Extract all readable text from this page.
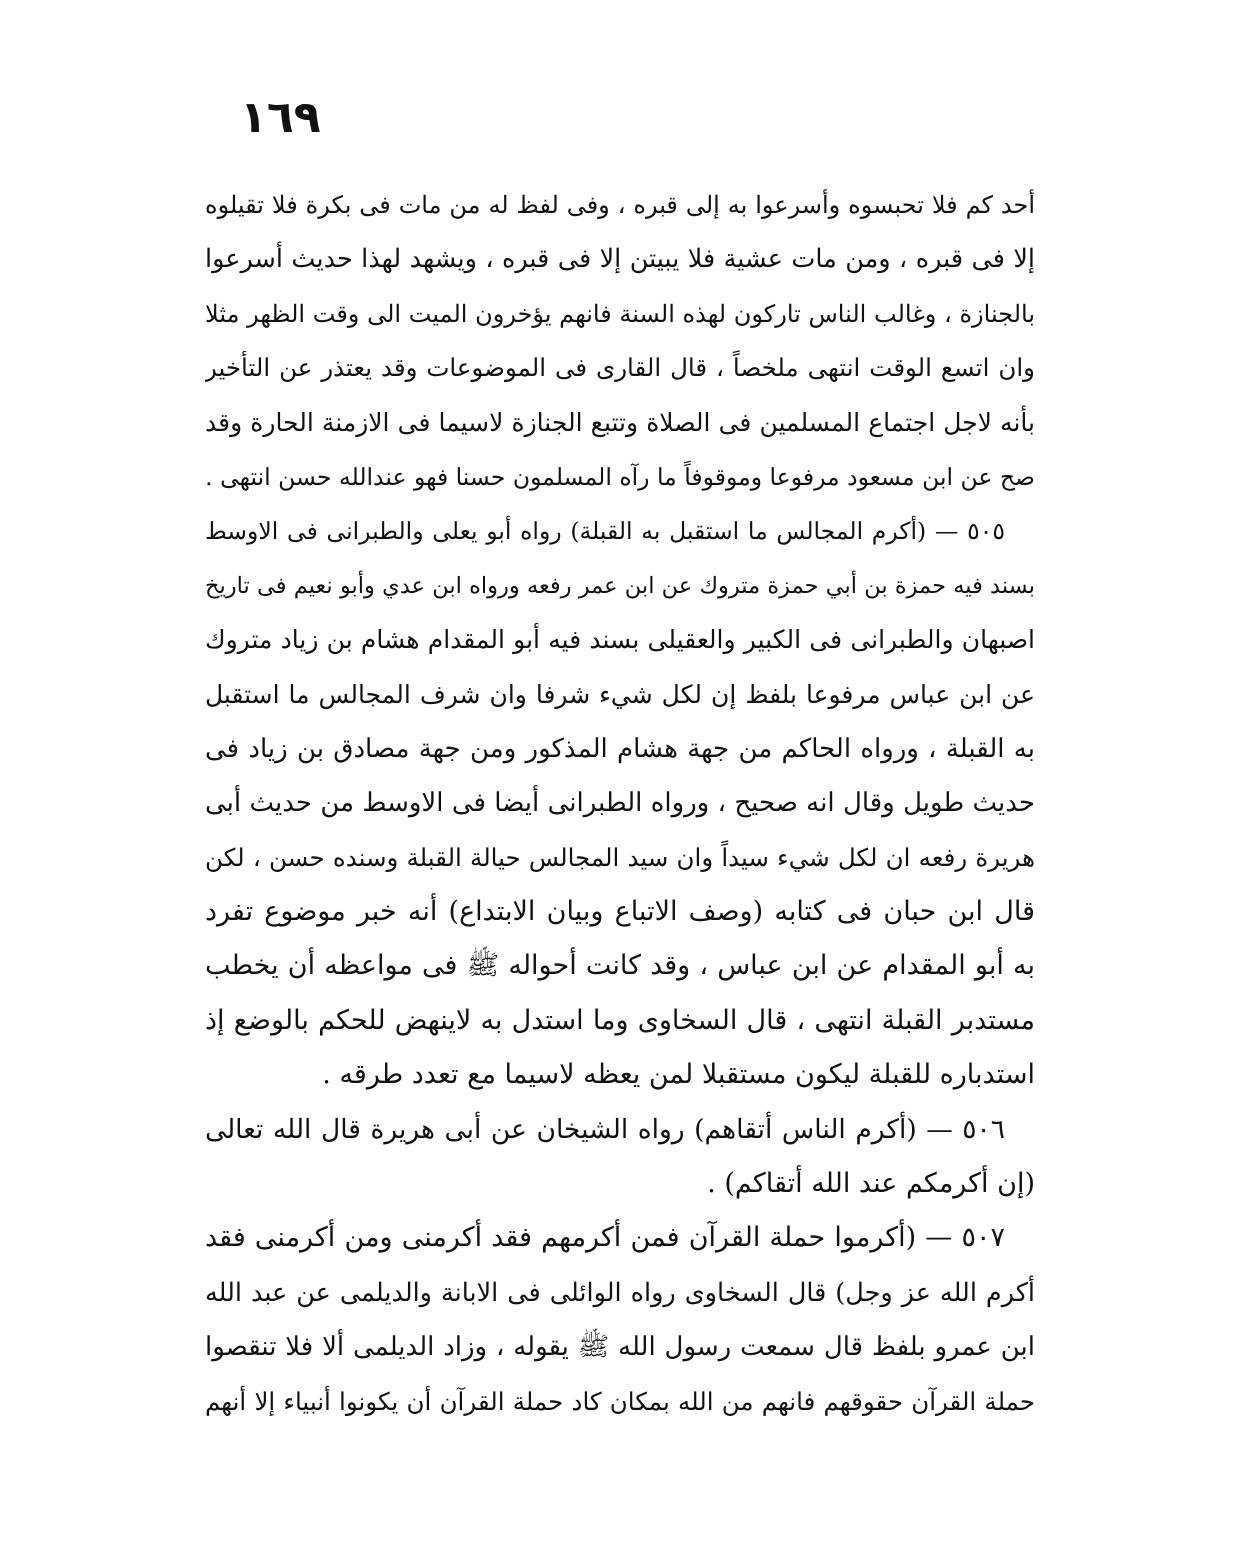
١٦٩
أحد كم فلا تحبسوه وأسرعوا به إلى قبره ، وفى لفظ له من مات فى بكرة فلا تقيلوه
إلا فى قبره ، ومن مات عشية فلا يبيتن إلا فى قبره ، ويشهد لهذا حديث أسرعوا
بالجنازة ، وغالب الناس تاركون لهذه السنة فانهم يؤخرون الميت الى وقت الظهر مثلا
وان اتسع الوقت انتهى ملخصاً ، قال القارى فى الموضوعات وقد يعتذر عن التأخير
بأنه لاجل اجتماع المسلمين فى الصلاة وتتبع الجنازة لاسيما فى الازمنة الحارة وقد
صح عن ابن مسعود مرفوعا وموقوفاً ما رآه المسلمون حسنا فهو عندالله حسن انتهى .
٥٠٥ — (أكرم المجالس ما استقبل به القبلة) رواه أبو يعلى والطبرانى فى الاوسط
بسند فيه حمزة بن أبي حمزة متروك عن ابن عمر رفعه ورواه ابن عدي وأبو نعيم فى تاريخ
اصبهان والطبرانى فى الكبير والعقيلى بسند فيه أبو المقدام هشام بن زياد متروك
عن ابن عباس مرفوعا بلفظ إن لكل شيء شرفا وان شرف المجالس ما استقبل
به القبلة ، ورواه الحاكم من جهة هشام المذكور ومن جهة مصادق بن زياد فى
حديث طويل وقال انه صحيح ، ورواه الطبرانى أيضا فى الاوسط من حديث أبى
هريرة رفعه ان لكل شيء سيداً وان سيد المجالس حيالة القبلة وسنده حسن ، لكن
قال ابن حبان فى كتابه (وصف الاتباع وبيان الابتداع) أنه خبر موضوع تفرد
به أبو المقدام عن ابن عباس ، وقد كانت أحواله ﷺ فى مواعظه أن يخطب
مستدبر القبلة انتهى ، قال السخاوى وما استدل به لاينهض للحكم بالوضع إذ
استدباره للقبلة ليكون مستقبلا لمن يعظه لاسيما مع تعدد طرقه .
٥٠٦ — (أكرم الناس أتقاهم) رواه الشيخان عن أبى هريرة قال الله تعالى
(إن أكرمكم عند الله أتقاكم) .
٥٠٧ — (أكرموا حملة القرآن فمن أكرمهم فقد أكرمنى ومن أكرمنى فقد
أكرم الله عز وجل) قال السخاوى رواه الوائلى فى الابانة والديلمى عن عبد الله
ابن عمرو بلفظ قال سمعت رسول الله ﷺ يقوله ، وزاد الديلمى ألا فلا تنقصوا
حملة القرآن حقوقهم فانهم من الله بمكان كاد حملة القرآن أن يكونوا أنبياء إلا أنهم
